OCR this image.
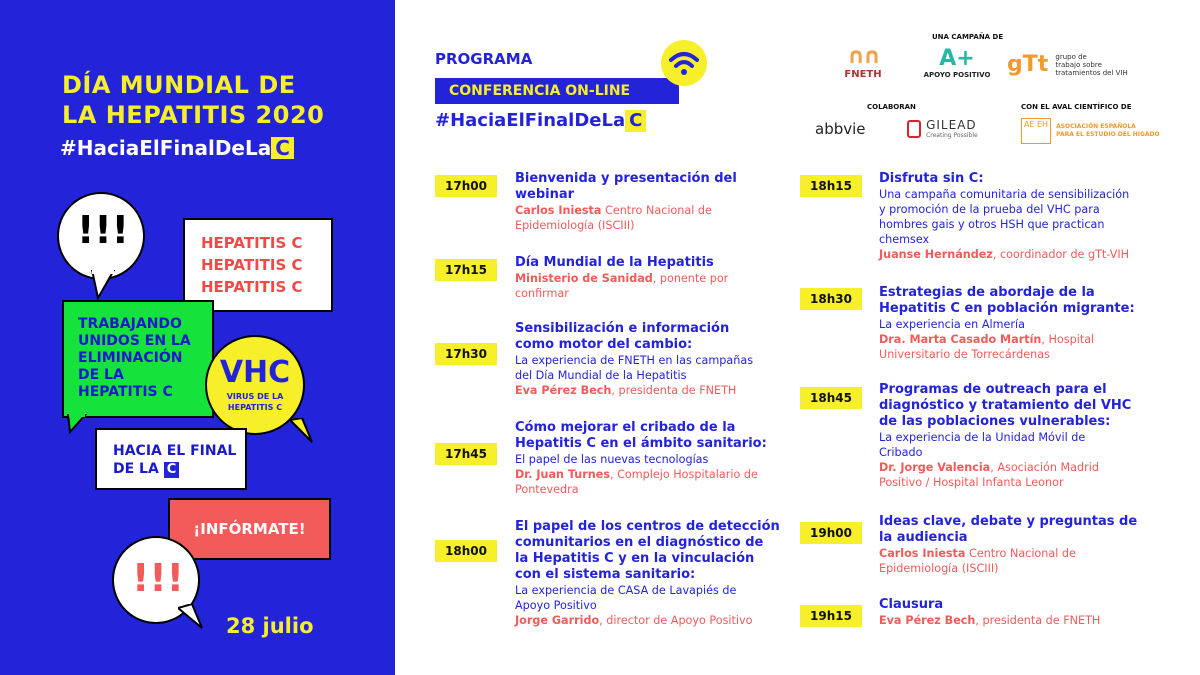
DÍA MUNDIAL DE
LA HEPATITIS 2020
#HaciaElFinalDeLa C
!!!	HEPATITIS C
HEPATITIS C
HEPATITIS C
TRABAJANDO
UNIDOS EN LA
ELIMINACIÓN
DE LA
HEPATITIS C
VHC
VIRUS DE LA
HEPATITIS C
HACIA EL FINAL
DE LA C
¡INFÓRMATE!
!!!
28 julio
PROGRAMA
CONFERENCIA ON-LINE
#HaciaElFinalDeLa C
UNA CAMPAÑA DE
∩∩
FNETH
A+
APOYO POSITIVO gTt grupo de
trabajo sobre
tratamientos del VIH
COLABORAN
abbvie
	GILEAD
Creating Possible
CON EL AVAL CIENTÍFICO DE
AE EH ASOCIACIÓN ESPAÑOLA
PARA EL ESTUDIO DEL HÍGADO
17h00	Bienvenida y presentación del
webinar
Carlos Iniesta Centro Nacional de
Epidemiología (ISCIII)
17h15	Día Mundial de la Hepatitis
Ministerio de Sanidad, ponente por
confirmar
17h30
Sensibilización e información
como motor del cambio:
La experiencia de FNETH en las campañas
del Día Mundial de la Hepatitis
Eva Pérez Bech, presidenta de FNETH
17h45
Cómo mejorar el cribado de la
Hepatitis C en el ámbito sanitario:
El papel de las nuevas tecnologías
Dr. Juan Turnes, Complejo Hospitalario de
Pontevedra
18h00
El papel de los centros de detección
comunitarios en el diagnóstico de
la Hepatitis C y en la vinculación
con el sistema sanitario:
La experiencia de CASA de Lavapiés de
Apoyo Positivo
Jorge Garrido, director de Apoyo Positivo
18h15	Disfruta sin C:
Una campaña comunitaria de sensibilización
y promoción de la prueba del VHC para
hombres gais y otros HSH que practican
chemsex
Juanse Hernández, coordinador de gTt-VIH
18h30	Estrategias de abordaje de la
Hepatitis C en población migrante:
La experiencia en Almería
Dra. Marta Casado Martín, Hospital
Universitario de Torrecárdenas
18h45
Programas de outreach para el
diagnóstico y tratamiento del VHC
de las poblaciones vulnerables:
La experiencia de la Unidad Móvil de
Cribado
Dr. Jorge Valencia, Asociación Madrid
Positivo / Hospital Infanta Leonor
19h00
Ideas clave, debate y preguntas de
la audiencia
Carlos Iniesta Centro Nacional de
Epidemiología (ISCIII)
19h15
Clausura
Eva Pérez Bech, presidenta de FNETH
